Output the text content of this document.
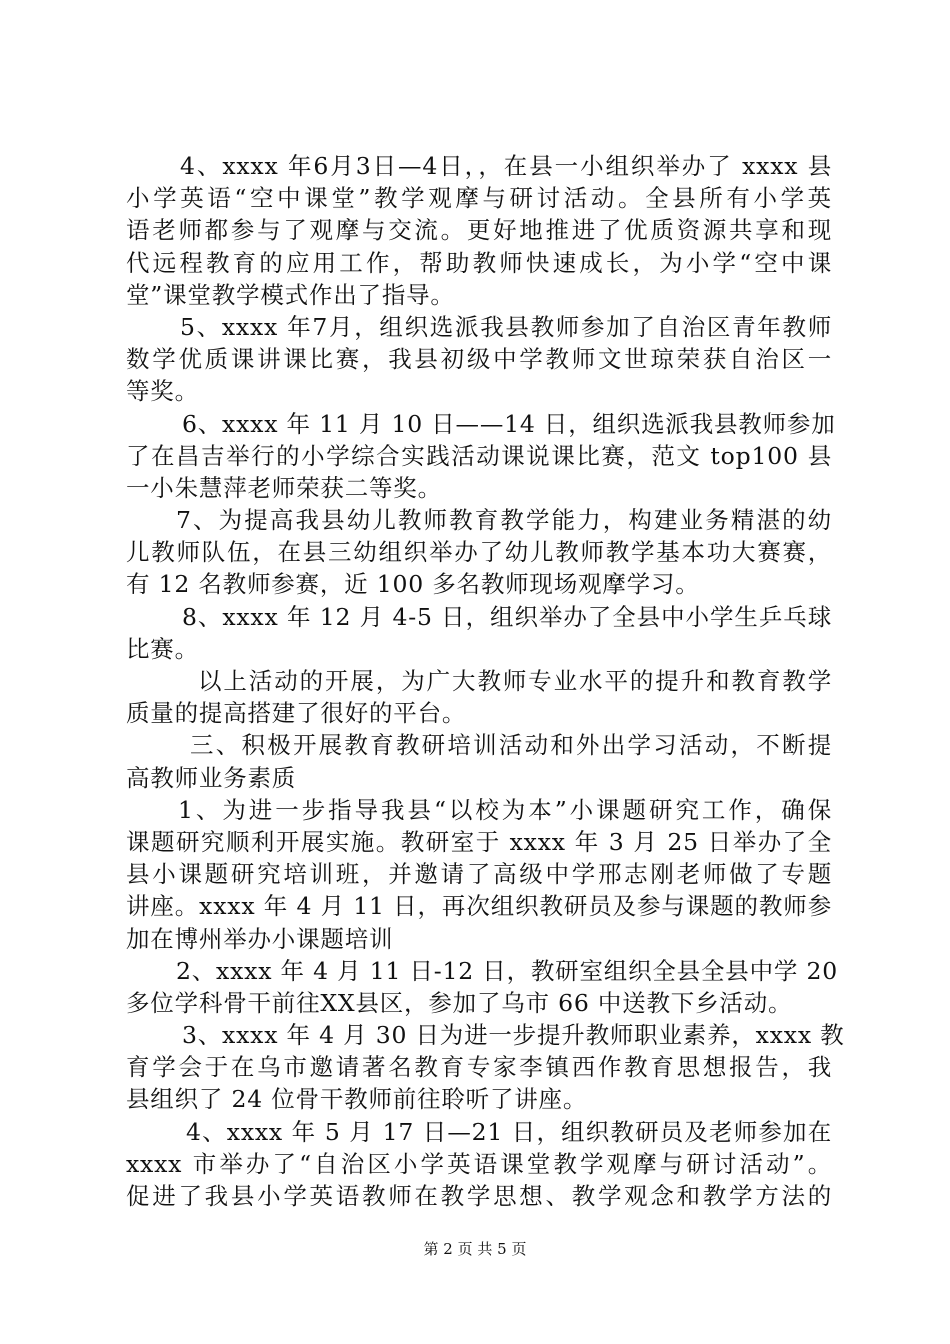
4、xxxx 年6月3日—4日，，在县一小组织举办了 xxxx 县
小学英语“空中课堂”教学观摩与研讨活动。全县所有小学英
语老师都参与了观摩与交流。更好地推进了优质资源共享和现
代远程教育的应用工作，帮助教师快速成长，为小学“空中课
堂”课堂教学模式作出了指导。
5、xxxx 年7月，组织选派我县教师参加了自治区青年教师
数学优质课讲课比赛，我县初级中学教师文世琼荣获自治区一
等奖。
6、xxxx 年 11 月 10 日——14 日，组织选派我县教师参加
了在昌吉举行的小学综合实践活动课说课比赛，范文 top100 县
一小朱慧萍老师荣获二等奖。
7、为提高我县幼儿教师教育教学能力，构建业务精湛的幼
儿教师队伍，在县三幼组织举办了幼儿教师教学基本功大赛赛，
有 12 名教师参赛，近 100 多名教师现场观摩学习。
8、xxxx 年 12 月 4-5 日，组织举办了全县中小学生乒乓球
比赛。
以上活动的开展，为广大教师专业水平的提升和教育教学
质量的提高搭建了很好的平台。
三、积极开展教育教研培训活动和外出学习活动，不断提
高教师业务素质
1、为进一步指导我县“以校为本”小课题研究工作，确保
课题研究顺利开展实施。教研室于 xxxx 年 3 月 25 日举办了全
县小课题研究培训班，并邀请了高级中学邢志刚老师做了专题
讲座。xxxx 年 4 月 11 日，再次组织教研员及参与课题的教师参
加在博州举办小课题培训
2、xxxx 年 4 月 11 日-12 日，教研室组织全县全县中学 20
多位学科骨干前往XX县区，参加了乌市 66 中送教下乡活动。
3、xxxx 年 4 月 30 日为进一步提升教师职业素养，xxxx 教
育学会于在乌市邀请著名教育专家李镇西作教育思想报告，我
县组织了 24 位骨干教师前往聆听了讲座。
4、xxxx 年 5 月 17 日—21 日，组织教研员及老师参加在
xxxx 市举办了“自治区小学英语课堂教学观摩与研讨活动”。
促进了我县小学英语教师在教学思想、教学观念和教学方法的
第 2 页 共 5 页
